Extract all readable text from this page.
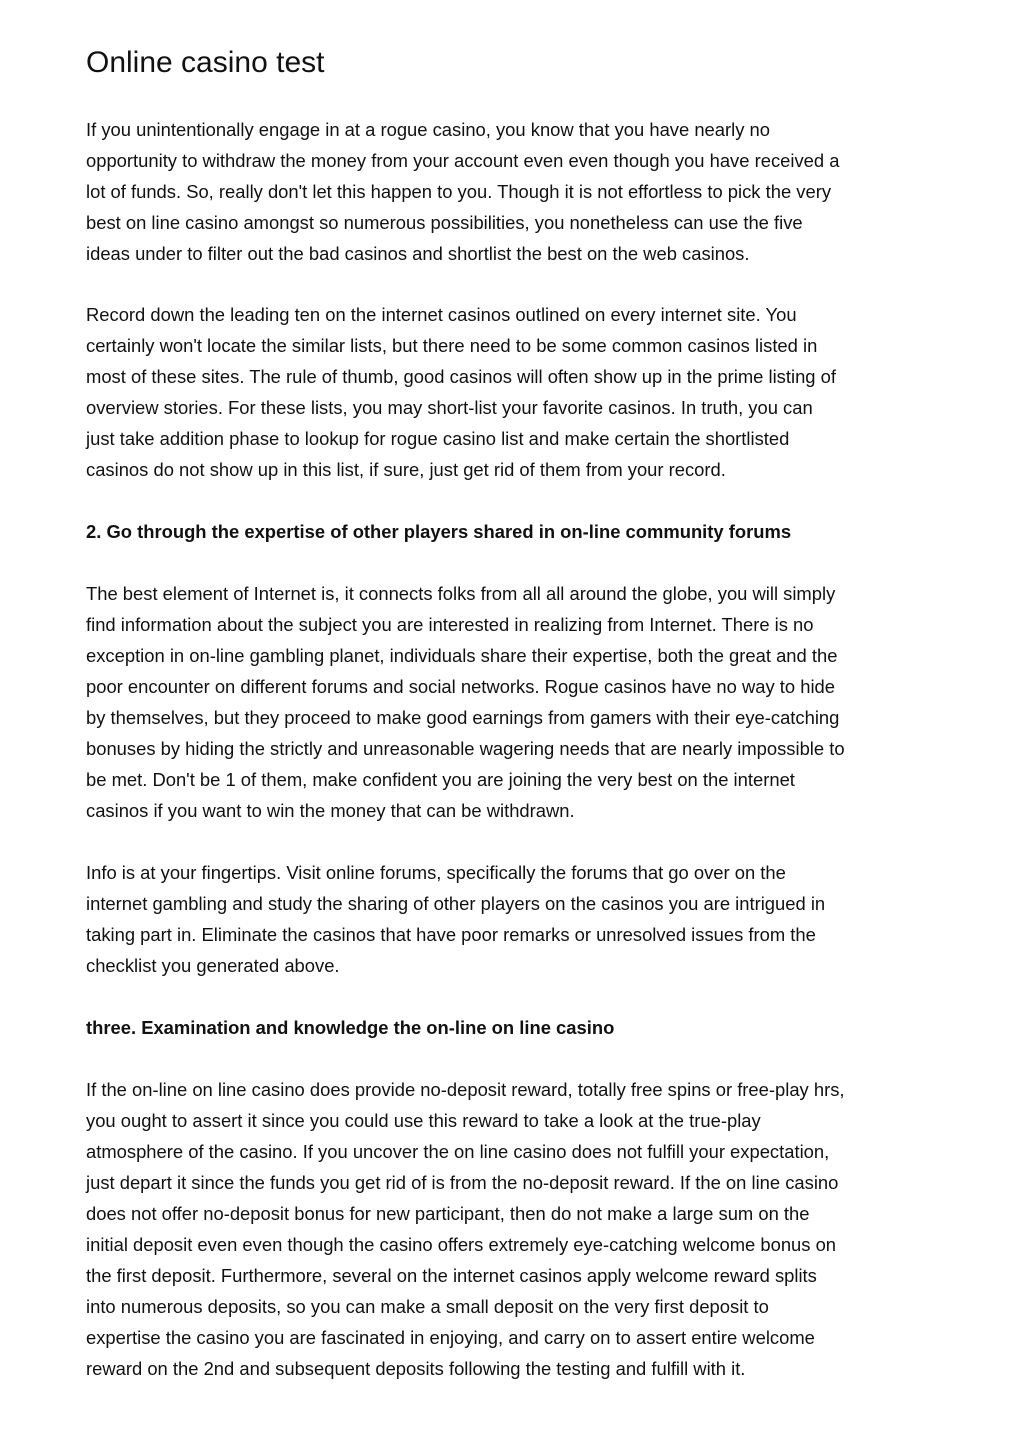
Online casino test
If you unintentionally engage in at a rogue casino, you know that you have nearly no
opportunity to withdraw the money from your account even even though you have received a
lot of funds. So, really don't let this happen to you. Though it is not effortless to pick the very
best on line casino amongst so numerous possibilities, you nonetheless can use the five
ideas under to filter out the bad casinos and shortlist the best on the web casinos.
Record down the leading ten on the internet casinos outlined on every internet site. You
certainly won't locate the similar lists, but there need to be some common casinos listed in
most of these sites. The rule of thumb, good casinos will often show up in the prime listing of
overview stories. For these lists, you may short-list your favorite casinos. In truth, you can
just take addition phase to lookup for rogue casino list and make certain the shortlisted
casinos do not show up in this list, if sure, just get rid of them from your record.
2. Go through the expertise of other players shared in on-line community forums
The best element of Internet is, it connects folks from all all around the globe, you will simply
find information about the subject you are interested in realizing from Internet. There is no
exception in on-line gambling planet, individuals share their expertise, both the great and the
poor encounter on different forums and social networks. Rogue casinos have no way to hide
by themselves, but they proceed to make good earnings from gamers with their eye-catching
bonuses by hiding the strictly and unreasonable wagering needs that are nearly impossible to
be met. Don't be 1 of them, make confident you are joining the very best on the internet
casinos if you want to win the money that can be withdrawn.
Info is at your fingertips. Visit online forums, specifically the forums that go over on the
internet gambling and study the sharing of other players on the casinos you are intrigued in
taking part in. Eliminate the casinos that have poor remarks or unresolved issues from the
checklist you generated above.
three. Examination and knowledge the on-line on line casino
If the on-line on line casino does provide no-deposit reward, totally free spins or free-play hrs,
you ought to assert it since you could use this reward to take a look at the true-play
atmosphere of the casino. If you uncover the on line casino does not fulfill your expectation,
just depart it since the funds you get rid of is from the no-deposit reward. If the on line casino
does not offer no-deposit bonus for new participant, then do not make a large sum on the
initial deposit even even though the casino offers extremely eye-catching welcome bonus on
the first deposit. Furthermore, several on the internet casinos apply welcome reward splits
into numerous deposits, so you can make a small deposit on the very first deposit to
expertise the casino you are fascinated in enjoying, and carry on to assert entire welcome
reward on the 2nd and subsequent deposits following the testing and fulfill with it.
